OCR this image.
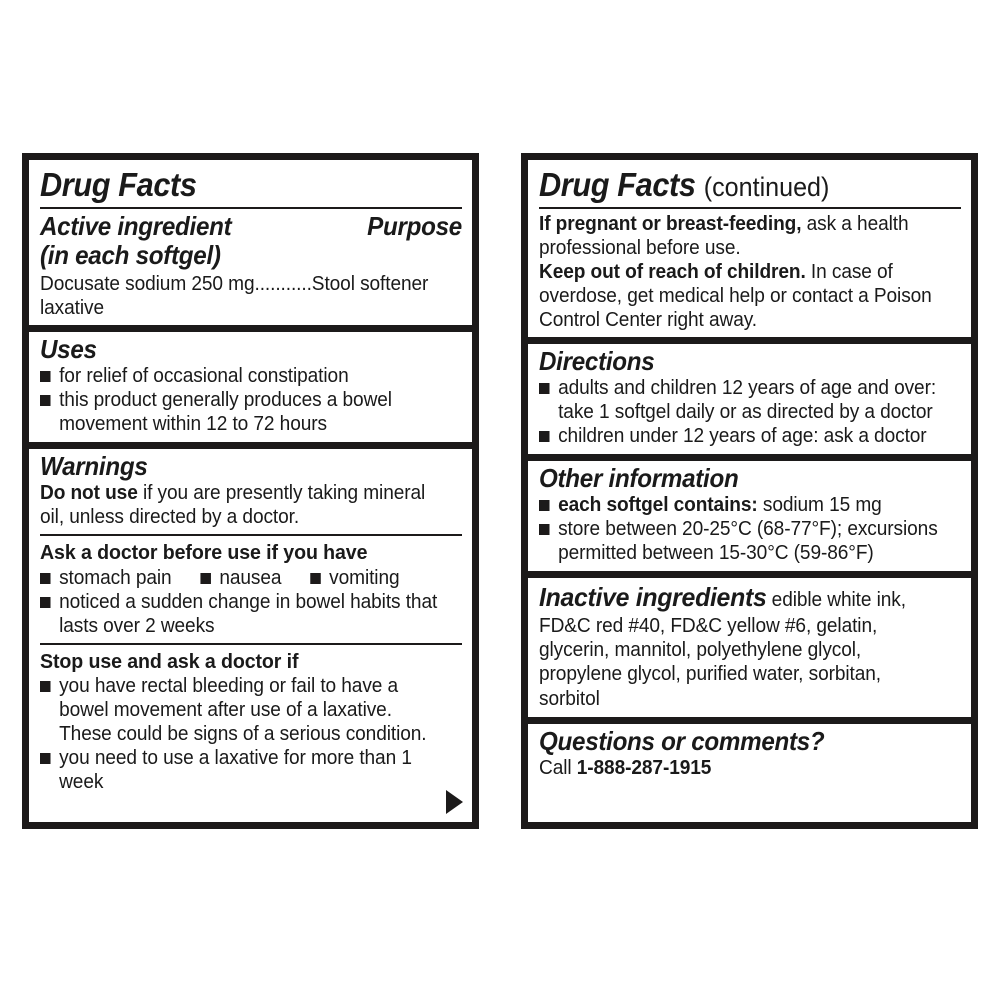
Drug Facts
Active ingredient	Purpose
(in each softgel)
Docusate sodium 250 mg...........Stool softener laxative
Uses
for relief of occasional constipation
this product generally produces a bowel movement within 12 to 72 hours
Warnings
Do not use if you are presently taking mineral oil, unless directed by a doctor.
Ask a doctor before use if you have
stomach pain	nausea	vomiting
noticed a sudden change in bowel habits that lasts over 2 weeks
Stop use and ask a doctor if
you have rectal bleeding or fail to have a bowel movement after use of a laxative. These could be signs of a serious condition.
you need to use a laxative for more than 1 week
Drug Facts (continued)
If pregnant or breast-feeding, ask a health professional before use.
Keep out of reach of children. In case of overdose, get medical help or contact a Poison Control Center right away.
Directions
adults and children 12 years of age and over: take 1 softgel daily or as directed by a doctor
children under 12 years of age: ask a doctor
Other information
each softgel contains: sodium 15 mg
store between 20-25°C (68-77°F); excursions permitted between 15-30°C (59-86°F)
Inactive ingredients edible white ink, FD&C red #40, FD&C yellow #6, gelatin, glycerin, mannitol, polyethylene glycol, propylene glycol, purified water, sorbitan, sorbitol
Questions or comments?
Call 1-888-287-1915
